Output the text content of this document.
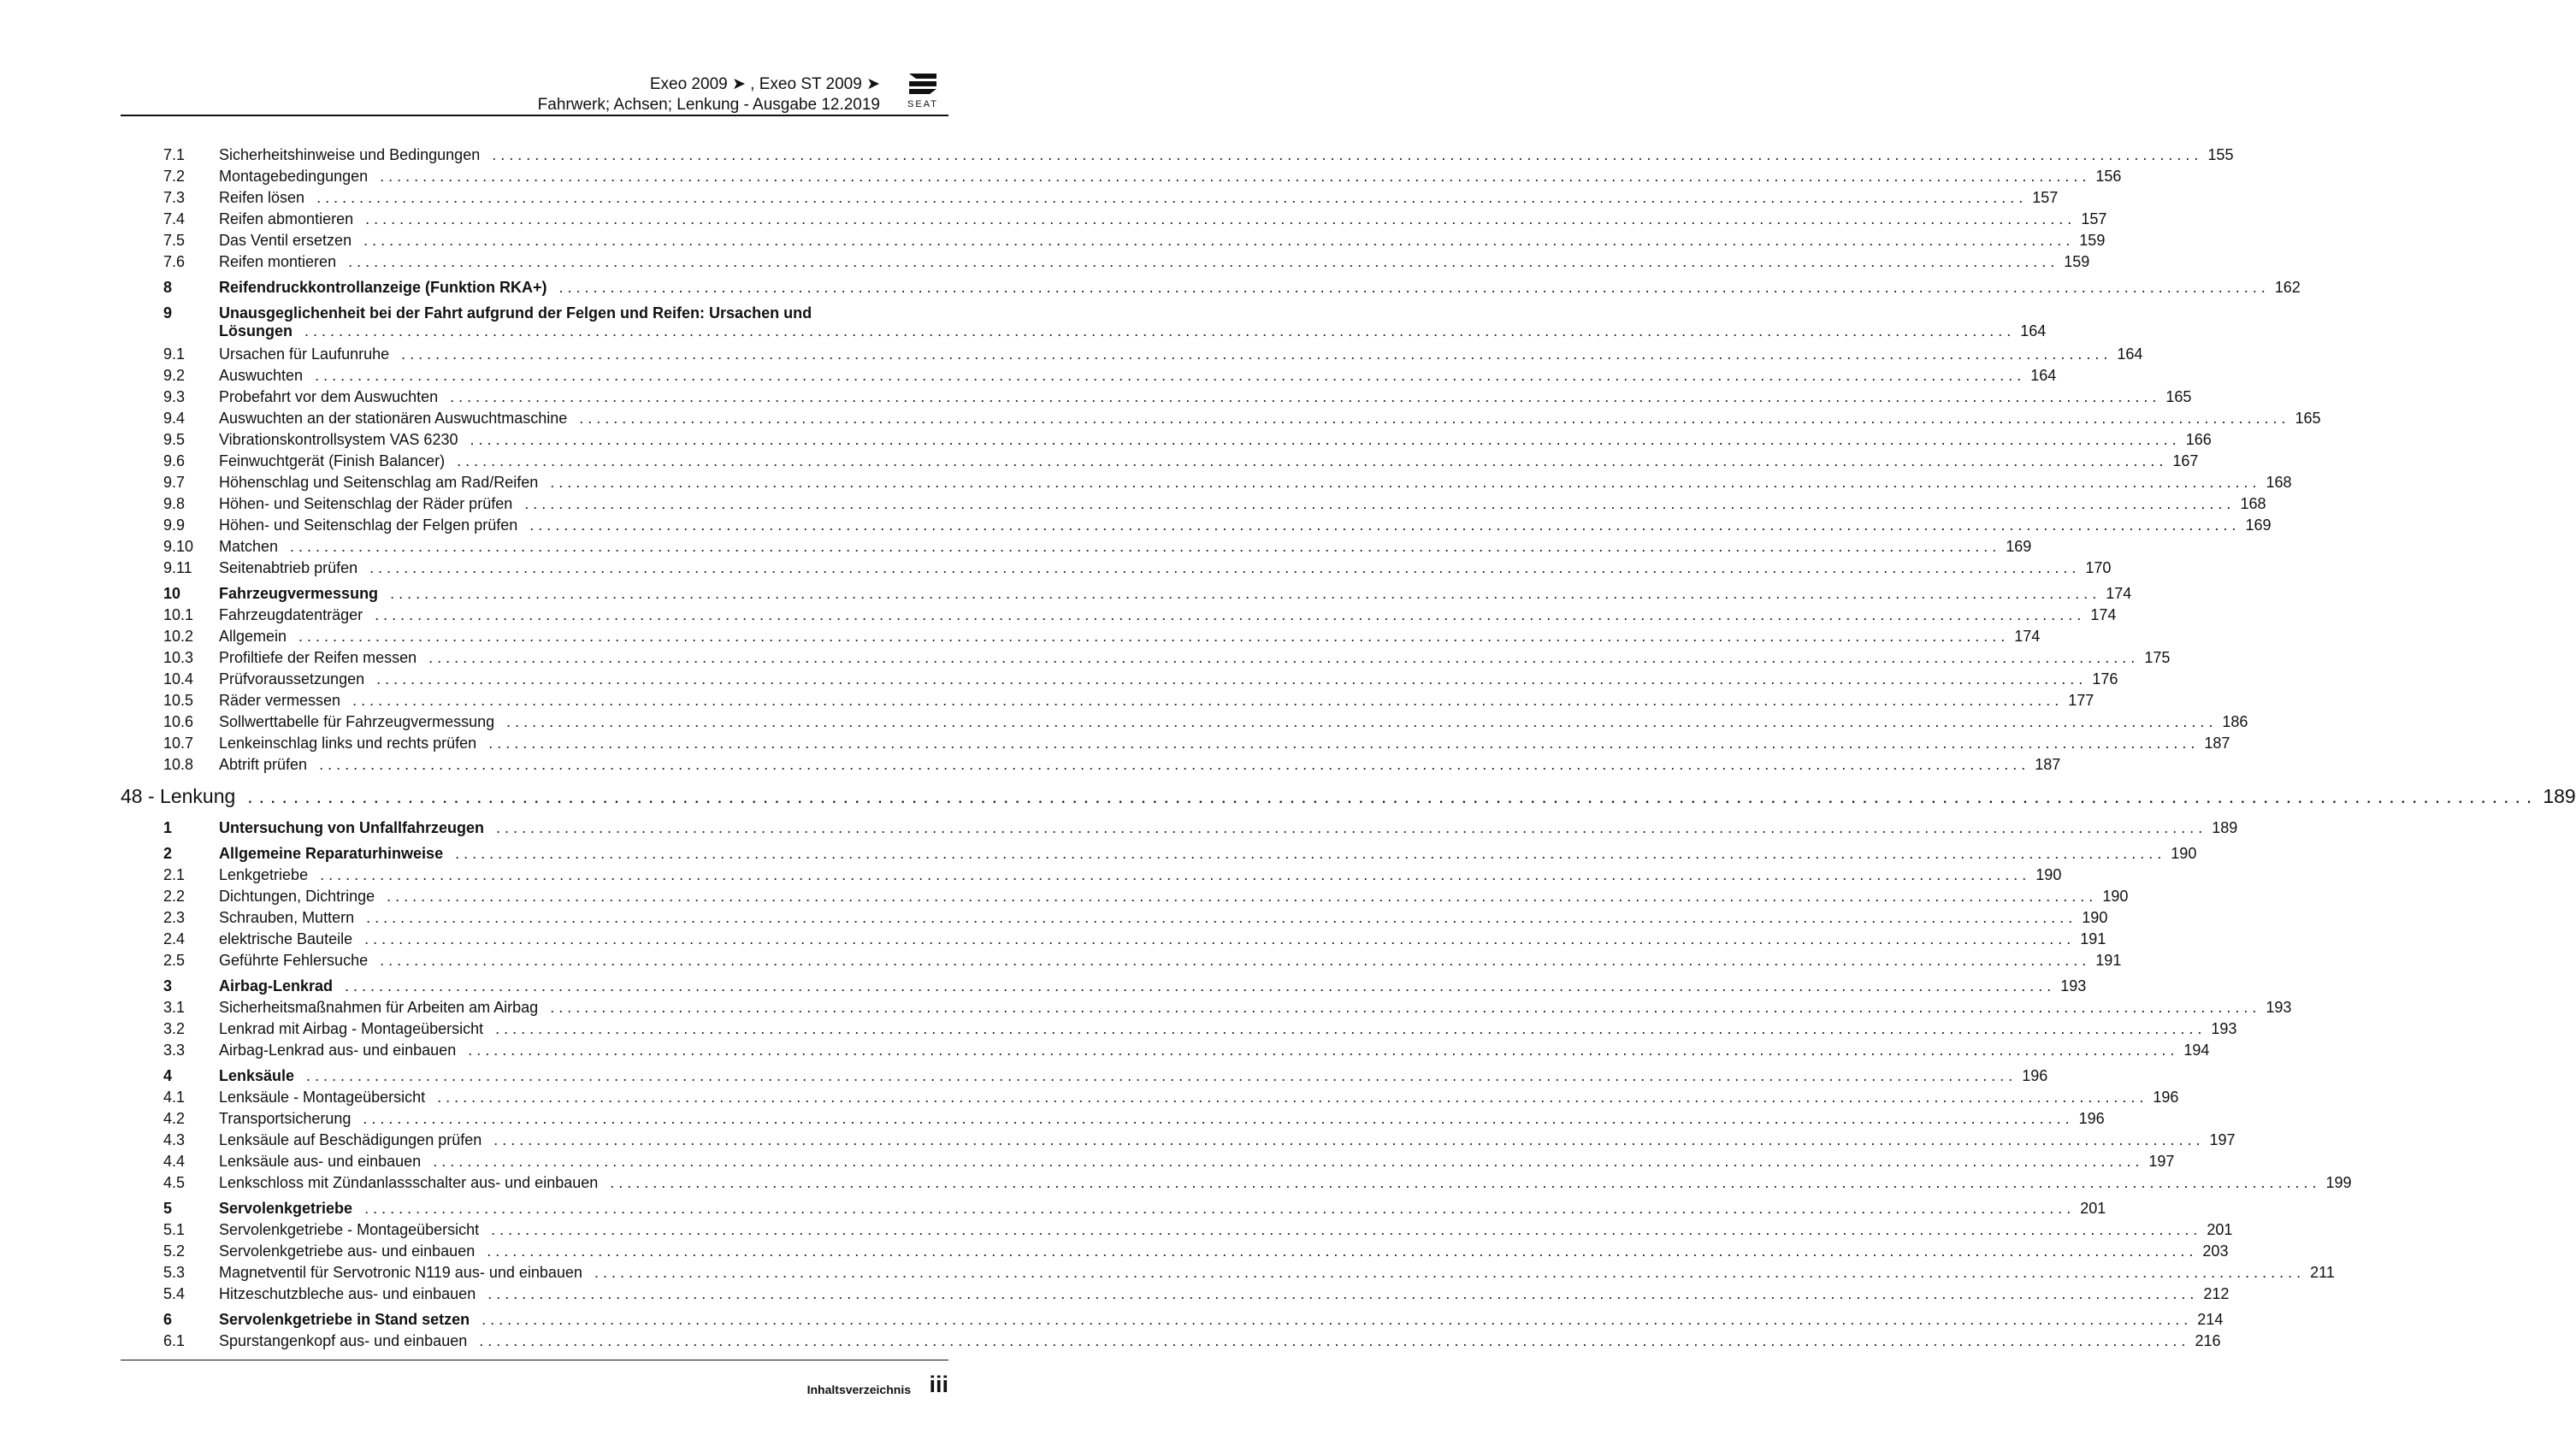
Exeo 2009 ➤ , Exeo ST 2009 ➤
Fahrwerk; Achsen; Lenkung - Ausgabe 12.2019	SEAT
7.1 Sicherheitshinweise und Bedingungen ........................................................................................................................................................................................................ 155
7.2 Montagebedingungen ........................................................................................................................................................................................................ 156
7.3 Reifen lösen ........................................................................................................................................................................................................ 157
7.4 Reifen abmontieren ........................................................................................................................................................................................................ 157
7.5 Das Ventil ersetzen ........................................................................................................................................................................................................ 159
7.6 Reifen montieren ........................................................................................................................................................................................................ 159
8	Reifendruckkontrollanzeige (Funktion RKA+) ........................................................................................................................................................................................................ 162
9	Unausgeglichenheit bei der Fahrt aufgrund der Felgen und Reifen: Ursachen und
Lösungen ........................................................................................................................................................................................................ 164
9.1 Ursachen für Laufunruhe ........................................................................................................................................................................................................ 164
9.2 Auswuchten ........................................................................................................................................................................................................ 164
9.3 Probefahrt vor dem Auswuchten ........................................................................................................................................................................................................ 165
9.4 Auswuchten an der stationären Auswuchtmaschine ........................................................................................................................................................................................................ 165
9.5 Vibrationskontrollsystem VAS 6230 ........................................................................................................................................................................................................ 166
9.6 Feinwuchtgerät (Finish Balancer) ........................................................................................................................................................................................................ 167
9.7 Höhenschlag und Seitenschlag am Rad/Reifen ........................................................................................................................................................................................................ 168
9.8 Höhen- und Seitenschlag der Räder prüfen ........................................................................................................................................................................................................ 168
9.9 Höhen- und Seitenschlag der Felgen prüfen ........................................................................................................................................................................................................ 169
9.10 Matchen ........................................................................................................................................................................................................ 169
9.11 Seitenabtrieb prüfen ........................................................................................................................................................................................................ 170
10 Fahrzeugvermessung ........................................................................................................................................................................................................ 174
10.1 Fahrzeugdatenträger ........................................................................................................................................................................................................ 174
10.2 Allgemein ........................................................................................................................................................................................................ 174
10.3 Profiltiefe der Reifen messen ........................................................................................................................................................................................................ 175
10.4 Prüfvoraussetzungen ........................................................................................................................................................................................................ 176
10.5 Räder vermessen ........................................................................................................................................................................................................ 177
10.6 Sollwerttabelle für Fahrzeugvermessung ........................................................................................................................................................................................................ 186
10.7 Lenkeinschlag links und rechts prüfen ........................................................................................................................................................................................................ 187
10.8 Abtrift prüfen ........................................................................................................................................................................................................ 187
48 - Lenkung ........................................................................................................................................................................................................ 189
1	Untersuchung von Unfallfahrzeugen ........................................................................................................................................................................................................ 189
2	Allgemeine Reparaturhinweise ........................................................................................................................................................................................................ 190
2.1 Lenkgetriebe ........................................................................................................................................................................................................ 190
2.2 Dichtungen, Dichtringe ........................................................................................................................................................................................................ 190
2.3 Schrauben, Muttern ........................................................................................................................................................................................................ 190
2.4 elektrische Bauteile ........................................................................................................................................................................................................ 191
2.5 Geführte Fehlersuche ........................................................................................................................................................................................................ 191
3	Airbag-Lenkrad ........................................................................................................................................................................................................ 193
3.1 Sicherheitsmaßnahmen für Arbeiten am Airbag ........................................................................................................................................................................................................ 193
3.2 Lenkrad mit Airbag - Montageübersicht ........................................................................................................................................................................................................ 193
3.3 Airbag-Lenkrad aus- und einbauen ........................................................................................................................................................................................................ 194
4	Lenksäule ........................................................................................................................................................................................................ 196
4.1 Lenksäule - Montageübersicht ........................................................................................................................................................................................................ 196
4.2 Transportsicherung ........................................................................................................................................................................................................ 196
4.3 Lenksäule auf Beschädigungen prüfen ........................................................................................................................................................................................................ 197
4.4 Lenksäule aus- und einbauen ........................................................................................................................................................................................................ 197
4.5 Lenkschloss mit Zündanlassschalter aus- und einbauen ........................................................................................................................................................................................................ 199
5	Servolenkgetriebe ........................................................................................................................................................................................................ 201
5.1 Servolenkgetriebe - Montageübersicht ........................................................................................................................................................................................................ 201
5.2 Servolenkgetriebe aus- und einbauen ........................................................................................................................................................................................................ 203
5.3 Magnetventil für Servotronic N119 aus- und einbauen ........................................................................................................................................................................................................ 211
5.4 Hitzeschutzbleche aus- und einbauen ........................................................................................................................................................................................................ 212
6	Servolenkgetriebe in Stand setzen ........................................................................................................................................................................................................ 214
6.1 Spurstangenkopf aus- und einbauen ........................................................................................................................................................................................................ 216
Inhaltsverzeichnis iii
